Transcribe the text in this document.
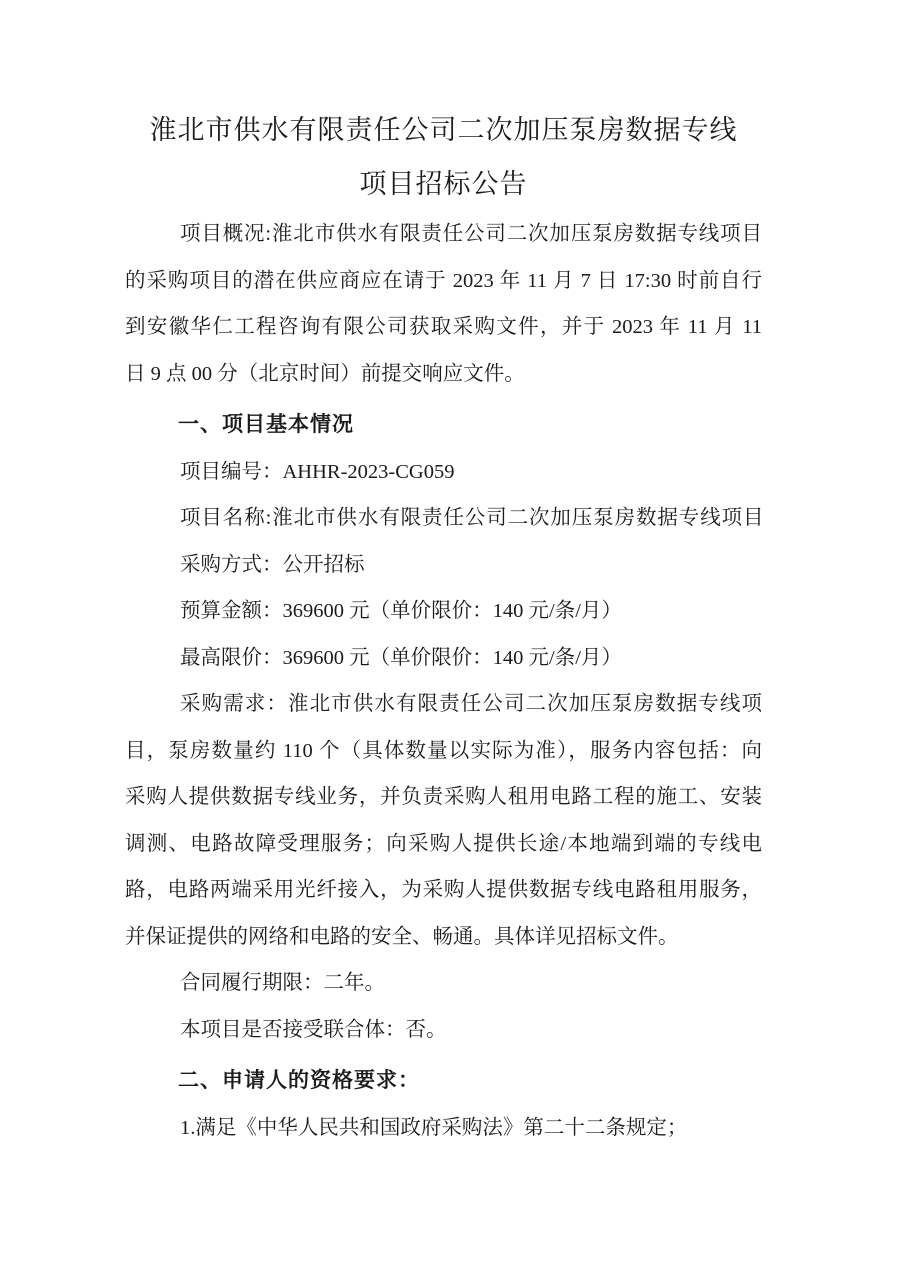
淮北市供水有限责任公司二次加压泵房数据专线
项目招标公告
项目概况:淮北市供水有限责任公司二次加压泵房数据专线项目
的采购项目的潜在供应商应在请于 2023 年 11 月 7 日 17:30 时前自行
到安徽华仁工程咨询有限公司获取采购文件，并于 2023 年 11 月 11
日 9 点 00 分（北京时间）前提交响应文件。
一、项目基本情况
项目编号：AHHR-2023-CG059
项目名称:淮北市供水有限责任公司二次加压泵房数据专线项目
采购方式：公开招标
预算金额：369600 元（单价限价：140 元/条/月）
最高限价：369600 元（单价限价：140 元/条/月）
采购需求：淮北市供水有限责任公司二次加压泵房数据专线项
目，泵房数量约 110 个（具体数量以实际为准），服务内容包括：向
采购人提供数据专线业务，并负责采购人租用电路工程的施工、安装
调测、电路故障受理服务；向采购人提供长途/本地端到端的专线电
路，电路两端采用光纤接入，为采购人提供数据专线电路租用服务，
并保证提供的网络和电路的安全、畅通。具体详见招标文件。
合同履行期限：二年。
本项目是否接受联合体：否。
二、申请人的资格要求：
1.满足《中华人民共和国政府采购法》第二十二条规定；
